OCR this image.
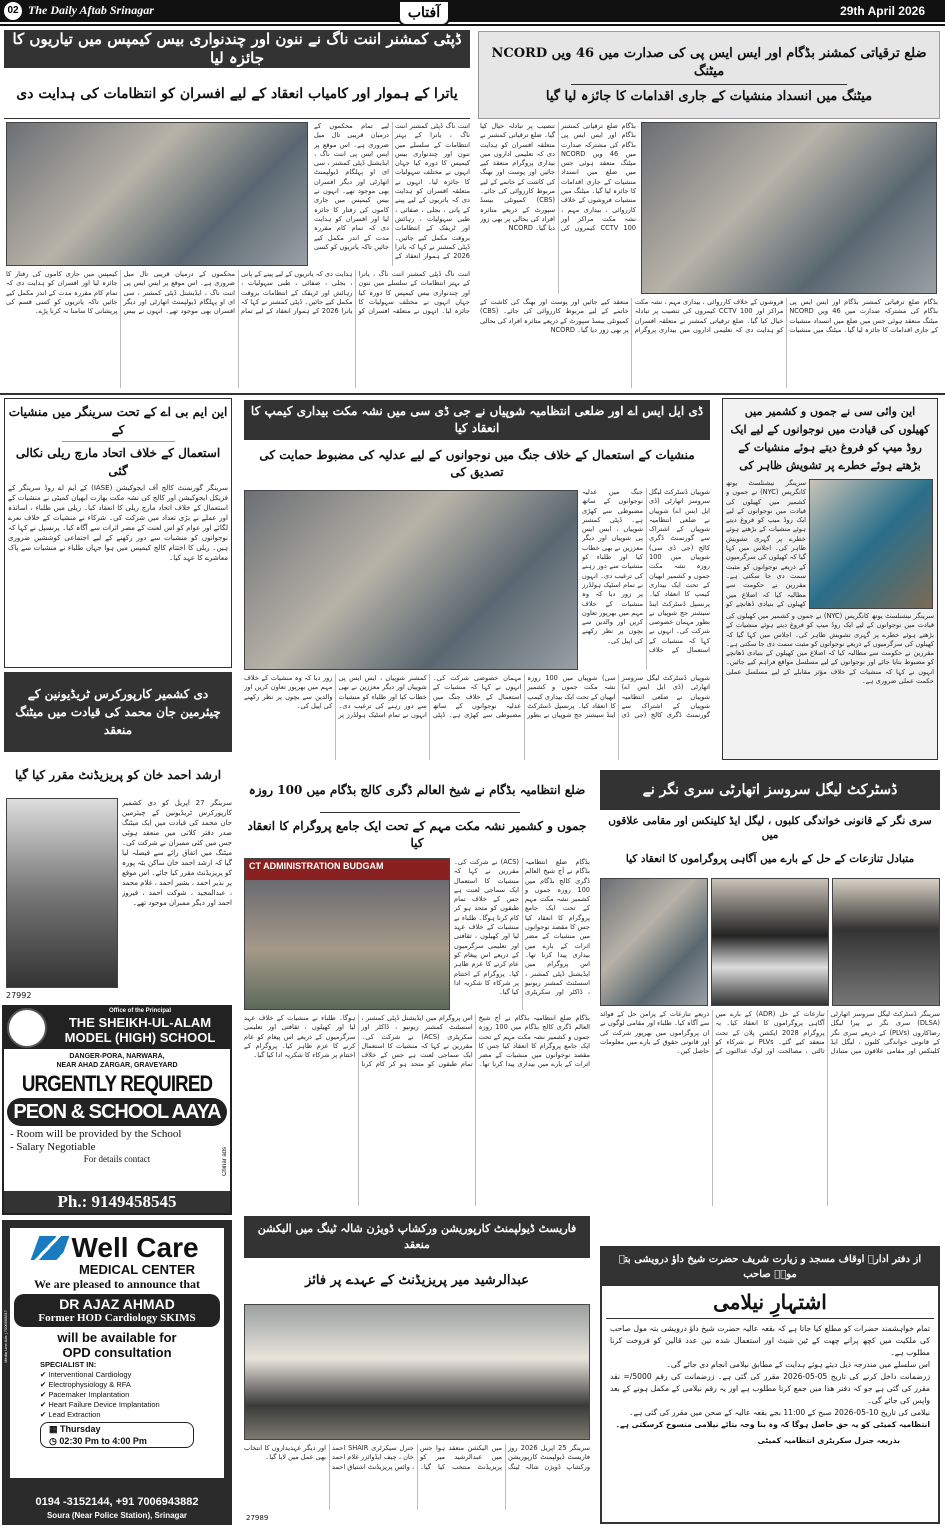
02 The Daily Aftab Srinagar	29th April 2026
آفتاب
ڈپٹی کمشنر اننت ناگ نے ننون اور چندنواری بیس کیمپس میں تیاریوں کا جائزہ لیا
یاترا کے ہموار اور کامیاب انعقاد کے لیے افسران کو انتظامات کی ہدایت دی
اننت ناگ ڈپٹی کمشنر اننت ناگ ، یاترا کے بہتر انتظامات کے سلسلے میں ننون اور چندنواری بیس کیمپس کا دورہ کیا جہاں انہوں نے مختلف سہولیات کا جائزہ لیا۔ انہوں نے متعلقہ افسران کو ہدایت دی کہ یاتریوں کے لیے پینے کے پانی ، بجلی ، صفائی ، طبی سہولیات ، رہائش اور ٹریفک کے انتظامات بروقت مکمل کیے جائیں۔ ڈپٹی کمشنر نے کہا کہ یاترا 2026 کے ہموار انعقاد کے لیے تمام محکموں کے درمیان قریبی تال میل ضروری ہے۔ اس موقع پر ایس ایس پی اننت ناگ ، ایڈیشنل ڈپٹی کمشنر ، سی ای او پہلگام ڈیولپمنٹ اتھارٹی اور دیگر افسران بھی موجود تھے۔ انہوں نے بیس کیمپس میں جاری کاموں کی رفتار کا جائزہ لیا اور افسران کو ہدایت دی کہ تمام کام مقررہ مدت کے اندر مکمل کیے جائیں تاکہ یاتریوں کو کسی
اننت ناگ ڈپٹی کمشنر اننت ناگ ، یاترا کے بہتر انتظامات کے سلسلے میں ننون اور چندنواری بیس کیمپس کا دورہ کیا جہاں انہوں نے مختلف سہولیات کا جائزہ لیا۔ انہوں نے متعلقہ افسران کو ہدایت دی کہ یاتریوں کے لیے پینے کے پانی ، بجلی ، صفائی ، طبی سہولیات ، رہائش اور ٹریفک کے انتظامات بروقت مکمل کیے جائیں۔ ڈپٹی کمشنر نے کہا کہ یاترا 2026 کے ہموار انعقاد کے لیے تمام محکموں کے درمیان قریبی تال میل ضروری ہے۔ اس موقع پر ایس ایس پی اننت ناگ ، ایڈیشنل ڈپٹی کمشنر ، سی ای او پہلگام ڈیولپمنٹ اتھارٹی اور دیگر افسران بھی موجود تھے۔ انہوں نے بیس کیمپس میں جاری کاموں کی رفتار کا جائزہ لیا اور افسران کو ہدایت دی کہ تمام کام مقررہ مدت کے اندر مکمل کیے جائیں تاکہ یاتریوں کو کسی قسم کی پریشانی کا سامنا نہ کرنا پڑے۔
ضلع ترقیاتی کمشنر بڈگام اور ایس ایس پی کی صدارت میں 46 ویں NCORD میٹنگ
میٹنگ میں انسداد منشیات کے جاری اقدامات کا جائزہ لیا گیا
بڈگام ضلع ترقیاتی کمشنر بڈگام اور ایس ایس پی بڈگام کی مشترکہ صدارت میں 46 ویں NCORD میٹنگ منعقد ہوئی جس میں ضلع میں انسداد منشیات کے جاری اقدامات کا جائزہ لیا گیا۔ میٹنگ میں منشیات فروشوں کے خلاف کارروائی ، بیداری مہم ، نشہ مکت مراکز اور CCTV 100 کیمروں کی تنصیب پر تبادلہ خیال کیا گیا۔ ضلع ترقیاتی کمشنر نے متعلقہ افسران کو ہدایت دی کہ تعلیمی اداروں میں بیداری پروگرام منعقد کیے جائیں اور پوست اور بھنگ کی کاشت کے خاتمے کے لیے مربوط کارروائی کی جائے۔ (CBS) کمیونٹی بیسڈ سپورٹ کے ذریعے متاثرہ افراد کی بحالی پر بھی زور دیا گیا۔ NCORD
بڈگام ضلع ترقیاتی کمشنر بڈگام اور ایس ایس پی بڈگام کی مشترکہ صدارت میں 46 ویں NCORD میٹنگ منعقد ہوئی جس میں ضلع میں انسداد منشیات کے جاری اقدامات کا جائزہ لیا گیا۔ میٹنگ میں منشیات فروشوں کے خلاف کارروائی ، بیداری مہم ، نشہ مکت مراکز اور CCTV 100 کیمروں کی تنصیب پر تبادلہ خیال کیا گیا۔ ضلع ترقیاتی کمشنر نے متعلقہ افسران کو ہدایت دی کہ تعلیمی اداروں میں بیداری پروگرام منعقد کیے جائیں اور پوست اور بھنگ کی کاشت کے خاتمے کے لیے مربوط کارروائی کی جائے۔ (CBS) کمیونٹی بیسڈ سپورٹ کے ذریعے متاثرہ افراد کی بحالی پر بھی زور دیا گیا۔ NCORD
این ایم بی اے کے تحت سرینگر میں منشیات کے
استعمال کے خلاف اتحاد مارچ ریلی نکالی گئی
سرینگر گورنمنٹ کالج آف ایجوکیشن (IASE) کے ایم اے روڈ سرینگر کے فزیکل ایجوکیشن اور کالج کی نشہ مکت بھارت ابھیان کمیٹی نے منشیات کے استعمال کے خلاف اتحاد مارچ ریلی کا انعقاد کیا۔ ریلی میں طلباء ، اساتذہ اور عملے نے بڑی تعداد میں شرکت کی۔ شرکاء نے منشیات کے خلاف نعرے لگائے اور عوام کو اس لعنت کے مضر اثرات سے آگاہ کیا۔ پرنسپل نے کہا کہ نوجوانوں کو منشیات سے دور رکھنے کے لیے اجتماعی کوششیں ضروری ہیں۔ ریلی کا اختتام کالج کیمپس میں ہوا جہاں طلباء نے منشیات سے پاک معاشرے کا عہد کیا۔
ڈی ایل ایس اے اور ضلعی انتظامیہ شوپیاں نے جی ڈی سی میں نشہ مکت بیداری کیمپ کا انعقاد کیا
منشیات کے استعمال کے خلاف جنگ میں نوجوانوں کے لیے عدلیہ کی مضبوط حمایت کی تصدیق کی
شوپیاں ڈسٹرکٹ لیگل سروسز اتھارٹی (ڈی ایل ایس اے) شوپیاں نے ضلعی انتظامیہ شوپیاں کے اشتراک سے گورنمنٹ ڈگری کالج (جی ڈی سی) شوپیاں میں 100 روزہ نشہ مکت جموں و کشمیر ابھیان کے تحت ایک بیداری کیمپ کا انعقاد کیا۔ پرنسپل ڈسٹرکٹ اینڈ سیشنز جج شوپیاں نے بطور مہمان خصوصی شرکت کی۔ انہوں نے کہا کہ منشیات کے استعمال کے خلاف جنگ میں عدلیہ نوجوانوں کے ساتھ مضبوطی سے کھڑی ہے۔ ڈپٹی کمشنر شوپیاں ، ایس ایس پی شوپیاں اور دیگر معززین نے بھی خطاب کیا اور طلباء کو منشیات سے دور رہنے کی ترغیب دی۔ انہوں نے تمام اسٹیک ہولڈرز پر زور دیا کہ وہ منشیات کے خلاف مہم میں بھرپور تعاون کریں اور والدین سے بچوں پر نظر رکھنے کی اپیل کی۔
شوپیاں ڈسٹرکٹ لیگل سروسز اتھارٹی (ڈی ایل ایس اے) شوپیاں نے ضلعی انتظامیہ شوپیاں کے اشتراک سے گورنمنٹ ڈگری کالج (جی ڈی سی) شوپیاں میں 100 روزہ نشہ مکت جموں و کشمیر ابھیان کے تحت ایک بیداری کیمپ کا انعقاد کیا۔ پرنسپل ڈسٹرکٹ اینڈ سیشنز جج شوپیاں نے بطور مہمان خصوصی شرکت کی۔ انہوں نے کہا کہ منشیات کے استعمال کے خلاف جنگ میں عدلیہ نوجوانوں کے ساتھ مضبوطی سے کھڑی ہے۔ ڈپٹی کمشنر شوپیاں ، ایس ایس پی شوپیاں اور دیگر معززین نے بھی خطاب کیا اور طلباء کو منشیات سے دور رہنے کی ترغیب دی۔ انہوں نے تمام اسٹیک ہولڈرز پر زور دیا کہ وہ منشیات کے خلاف مہم میں بھرپور تعاون کریں اور والدین سے بچوں پر نظر رکھنے کی اپیل کی۔
این وائی سی نے جموں و کشمیر میں کھیلوں کی قیادت میں نوجوانوں کے لیے ایک روڈ میپ کو فروغ دیتے ہوئے منشیات کے بڑھتے ہوئے خطرے پر تشویش ظاہر کی
سرینگر نیشنلسٹ یوتھ کانگریس (NYC) نے جموں و کشمیر میں کھیلوں کی قیادت میں نوجوانوں کے لیے ایک روڈ میپ کو فروغ دیتے ہوئے منشیات کے بڑھتے ہوئے خطرے پر گہری تشویش ظاہر کی۔ اجلاس میں کہا گیا کہ کھیلوں کی سرگرمیوں کے ذریعے نوجوانوں کو مثبت سمت دی جا سکتی ہے۔ مقررین نے حکومت سے مطالبہ کیا کہ اضلاع میں کھیلوں کے بنیادی ڈھانچے کو
سرینگر نیشنلسٹ یوتھ کانگریس (NYC) نے جموں و کشمیر میں کھیلوں کی قیادت میں نوجوانوں کے لیے ایک روڈ میپ کو فروغ دیتے ہوئے منشیات کے بڑھتے ہوئے خطرے پر گہری تشویش ظاہر کی۔ اجلاس میں کہا گیا کہ کھیلوں کی سرگرمیوں کے ذریعے نوجوانوں کو مثبت سمت دی جا سکتی ہے۔ مقررین نے حکومت سے مطالبہ کیا کہ اضلاع میں کھیلوں کے بنیادی ڈھانچے کو مضبوط بنایا جائے اور نوجوانوں کے لیے مسلسل مواقع فراہم کیے جائیں۔ انہوں نے کہا کہ منشیات کے خلاف مؤثر مقابلے کے لیے مسلسل عملی حکمت عملی ضروری ہے۔
دی کشمیر کارپورکرس ٹریڈیونین کے
چیئرمین جان محمد کی قیادت میں میٹنگ منعقد
ارشد احمد خان کو پریزیڈنٹ مقرر کیا گیا
سرینگر 27 اپریل کو دی کشمیر کارپورکرس ٹریڈیونین کے چیئرمین جان محمد کی قیادت میں ایک میٹنگ صدر دفتر کلاتی میں منعقد ہوئی جس میں کئی ممبران نے شرکت کی۔ میٹنگ میں اتفاق رائے سے فیصلہ لیا گیا کہ ارشد احمد خان ساکن بٹہ پورہ کو پریزیڈنٹ مقرر کیا جائے۔ اس موقع پر نذیر احمد ، بشیر احمد ، غلام محمد ، عبدالمجید ، شوکت احمد ، فیروز احمد اور دیگر ممبران موجود تھے۔
27992
ضلع انتظامیہ بڈگام نے شیخ العالم ڈگری کالج بڈگام میں 100 روزہ
جموں و کشمیر نشہ مکت مہم کے تحت ایک جامع پروگرام کا انعقاد کیا
CT ADMINISTRATION BUDGAM	بڈگام ضلع انتظامیہ بڈگام نے آج شیخ العالم ڈگری کالج بڈگام میں 100 روزہ جموں و کشمیر نشہ مکت مہم کے تحت ایک جامع پروگرام کا انعقاد کیا جس کا مقصد نوجوانوں میں منشیات کے مضر اثرات کے بارے میں بیداری پیدا کرنا تھا۔ اس پروگرام میں ایڈیشنل ڈپٹی کمشنر ، اسسٹنٹ کمشنر ریونیو ، ڈاکٹر اور سکریٹری (ACS) نے شرکت کی۔ مقررین نے کہا کہ منشیات کا استعمال ایک سماجی لعنت ہے جس کے خلاف تمام طبقوں کو متحد ہو کر کام کرنا ہوگا۔ طلباء نے منشیات کے خلاف عہد لیا اور کھیلوں ، ثقافتی اور تعلیمی سرگرمیوں کے ذریعے اس پیغام کو عام کرنے کا عزم ظاہر کیا۔ پروگرام کے اختتام پر شرکاء کا شکریہ ادا کیا گیا۔
بڈگام ضلع انتظامیہ بڈگام نے آج شیخ العالم ڈگری کالج بڈگام میں 100 روزہ جموں و کشمیر نشہ مکت مہم کے تحت ایک جامع پروگرام کا انعقاد کیا جس کا مقصد نوجوانوں میں منشیات کے مضر اثرات کے بارے میں بیداری پیدا کرنا تھا۔ اس پروگرام میں ایڈیشنل ڈپٹی کمشنر ، اسسٹنٹ کمشنر ریونیو ، ڈاکٹر اور سکریٹری (ACS) نے شرکت کی۔ مقررین نے کہا کہ منشیات کا استعمال ایک سماجی لعنت ہے جس کے خلاف تمام طبقوں کو متحد ہو کر کام کرنا ہوگا۔ طلباء نے منشیات کے خلاف عہد لیا اور کھیلوں ، ثقافتی اور تعلیمی سرگرمیوں کے ذریعے اس پیغام کو عام کرنے کا عزم ظاہر کیا۔ پروگرام کے اختتام پر شرکاء کا شکریہ ادا کیا گیا۔
ڈسٹرکٹ لیگل سروسز اتھارٹی سری نگر نے
سری نگر کے قانونی خواندگی کلبوں ، لیگل ایڈ کلینکس اور مقامی علاقوں میں
متبادل تنازعات کے حل کے بارے میں آگاہی پروگراموں کا انعقاد کیا
سرینگر ڈسٹرکٹ لیگل سروسز اتھارٹی (DLSA) سری نگر نے پیرا لیگل رضاکاروں (PLVs) کے ذریعے سری نگر کے قانونی خواندگی کلبوں ، لیگل ایڈ کلینکس اور مقامی علاقوں میں متبادل تنازعات کے حل (ADR) کے بارے میں آگاہی پروگراموں کا انعقاد کیا۔ یہ پروگرام 2028 ایکشن پلان کے تحت منعقد کیے گئے۔ PLVs نے شرکاء کو ثالثی ، مصالحت اور لوک عدالتوں کے ذریعے تنازعات کے پرامن حل کے فوائد سے آگاہ کیا۔ طلباء اور مقامی لوگوں نے ان پروگراموں میں بھرپور شرکت کی اور قانونی حقوق کے بارے میں معلومات حاصل کیں۔
Office of the Principal
THE SHEIKH-UL-ALAM
MODEL (HIGH) SCHOOL
DANGER-PORA, NARWARA,
NEAR AHAD ZARGAR, GRAVEYARD
URGENTLY REQUIRED
PEON & SCHOOL AAYA
- Room will be provided by the School
- Salary Negotiable
For details contact	Chinar ads
Ph.: 9149458545
Well Care
MEDICAL CENTER
We are pleased to announce that
DR AJAZ AHMAD
Former HOD Cardiology SKIMS
will be available for
OPD consultation
SPECIALIST IN:
✔ Interventional Cardiology
✔ Electrophysiology & RFA
✔ Pacemaker Implantation
✔ Heart Failure Device Implantation
✔ Lead Extraction
▦ Thursday
◷ 02:30 Pm to 4:00 Pm
Media Line Ads | 7006555817
0194 -3152144, +91 7006943882
Soura (Near Police Station), Srinagar
فاریسٹ ڈیولپمنٹ کارپوریشن ورکشاپ ڈویژن شالہ ٹینگ میں الیکشن منعقد
عبدالرشید میر پریزیڈنٹ کے عہدے پر فائز
سرینگر 25 اپریل 2026 روز فاریسٹ ڈیولپمنٹ کارپوریشن ورکشاپ ڈویژن شالہ ٹینگ میں الیکشن منعقد ہوا جس میں عبدالرشید میر کو پریزیڈنٹ منتخب کیا گیا۔ جنرل سیکرٹری SHAIR احمد خان ، چیف ایڈوائزر غلام احمد ، وائس پریزیڈنٹ اشتیاق احمد اور دیگر عہدیداروں کا انتخاب بھی عمل میں لایا گیا۔
27989
از دفتر ادارہ اوقاف مسجد و زیارت شریف حضرت شیخ داؤ درویشی بتہ مولؒ صاحب
اشتہارِ نیلامی
تمام خواہشمند حضرات کو مطلع کیا جاتا ہے کہ بقعہ عالیہ حضرت شیخ داؤ درویشی بتہ مول صاحب کی ملکیت میں کچھ پرانے چھت کے ٹین شیٹ اور استعمال شدہ تین عدد قالین کو فروخت کرنا مطلوب ہے۔
اس سلسلے میں مندرجہ ذیل دیئے ہوئے ہدایت کے مطابق نیلامی انجام دی جائے گی۔
زرضمانت داخل کرنے کی تاریخ 05-05-2026 مقرر کی گئی ہے۔ زرضمانت کی رقم 5000/= نقد مقرر کی گئی ہے جو کہ دفتر ھذا میں جمع کرنا مطلوب ہے اور یہ رقم نیلامی کے مکمل ہونے کے بعد واپس کی جائے گی۔
نیلامی کی تاریخ 10-05-2026 صبح کے 11:00 بجے بقعہ عالیہ کے صحن میں مقرر کی گئی ہے۔
انتظامیہ کمیٹی کو یہ حق حاصل ہوگا کہ وہ بنا وجہ بتائے نیلامی منسوخ کرسکتی ہے۔
بذریعہ جنرل سکریٹری انتظامیہ کمیٹی
